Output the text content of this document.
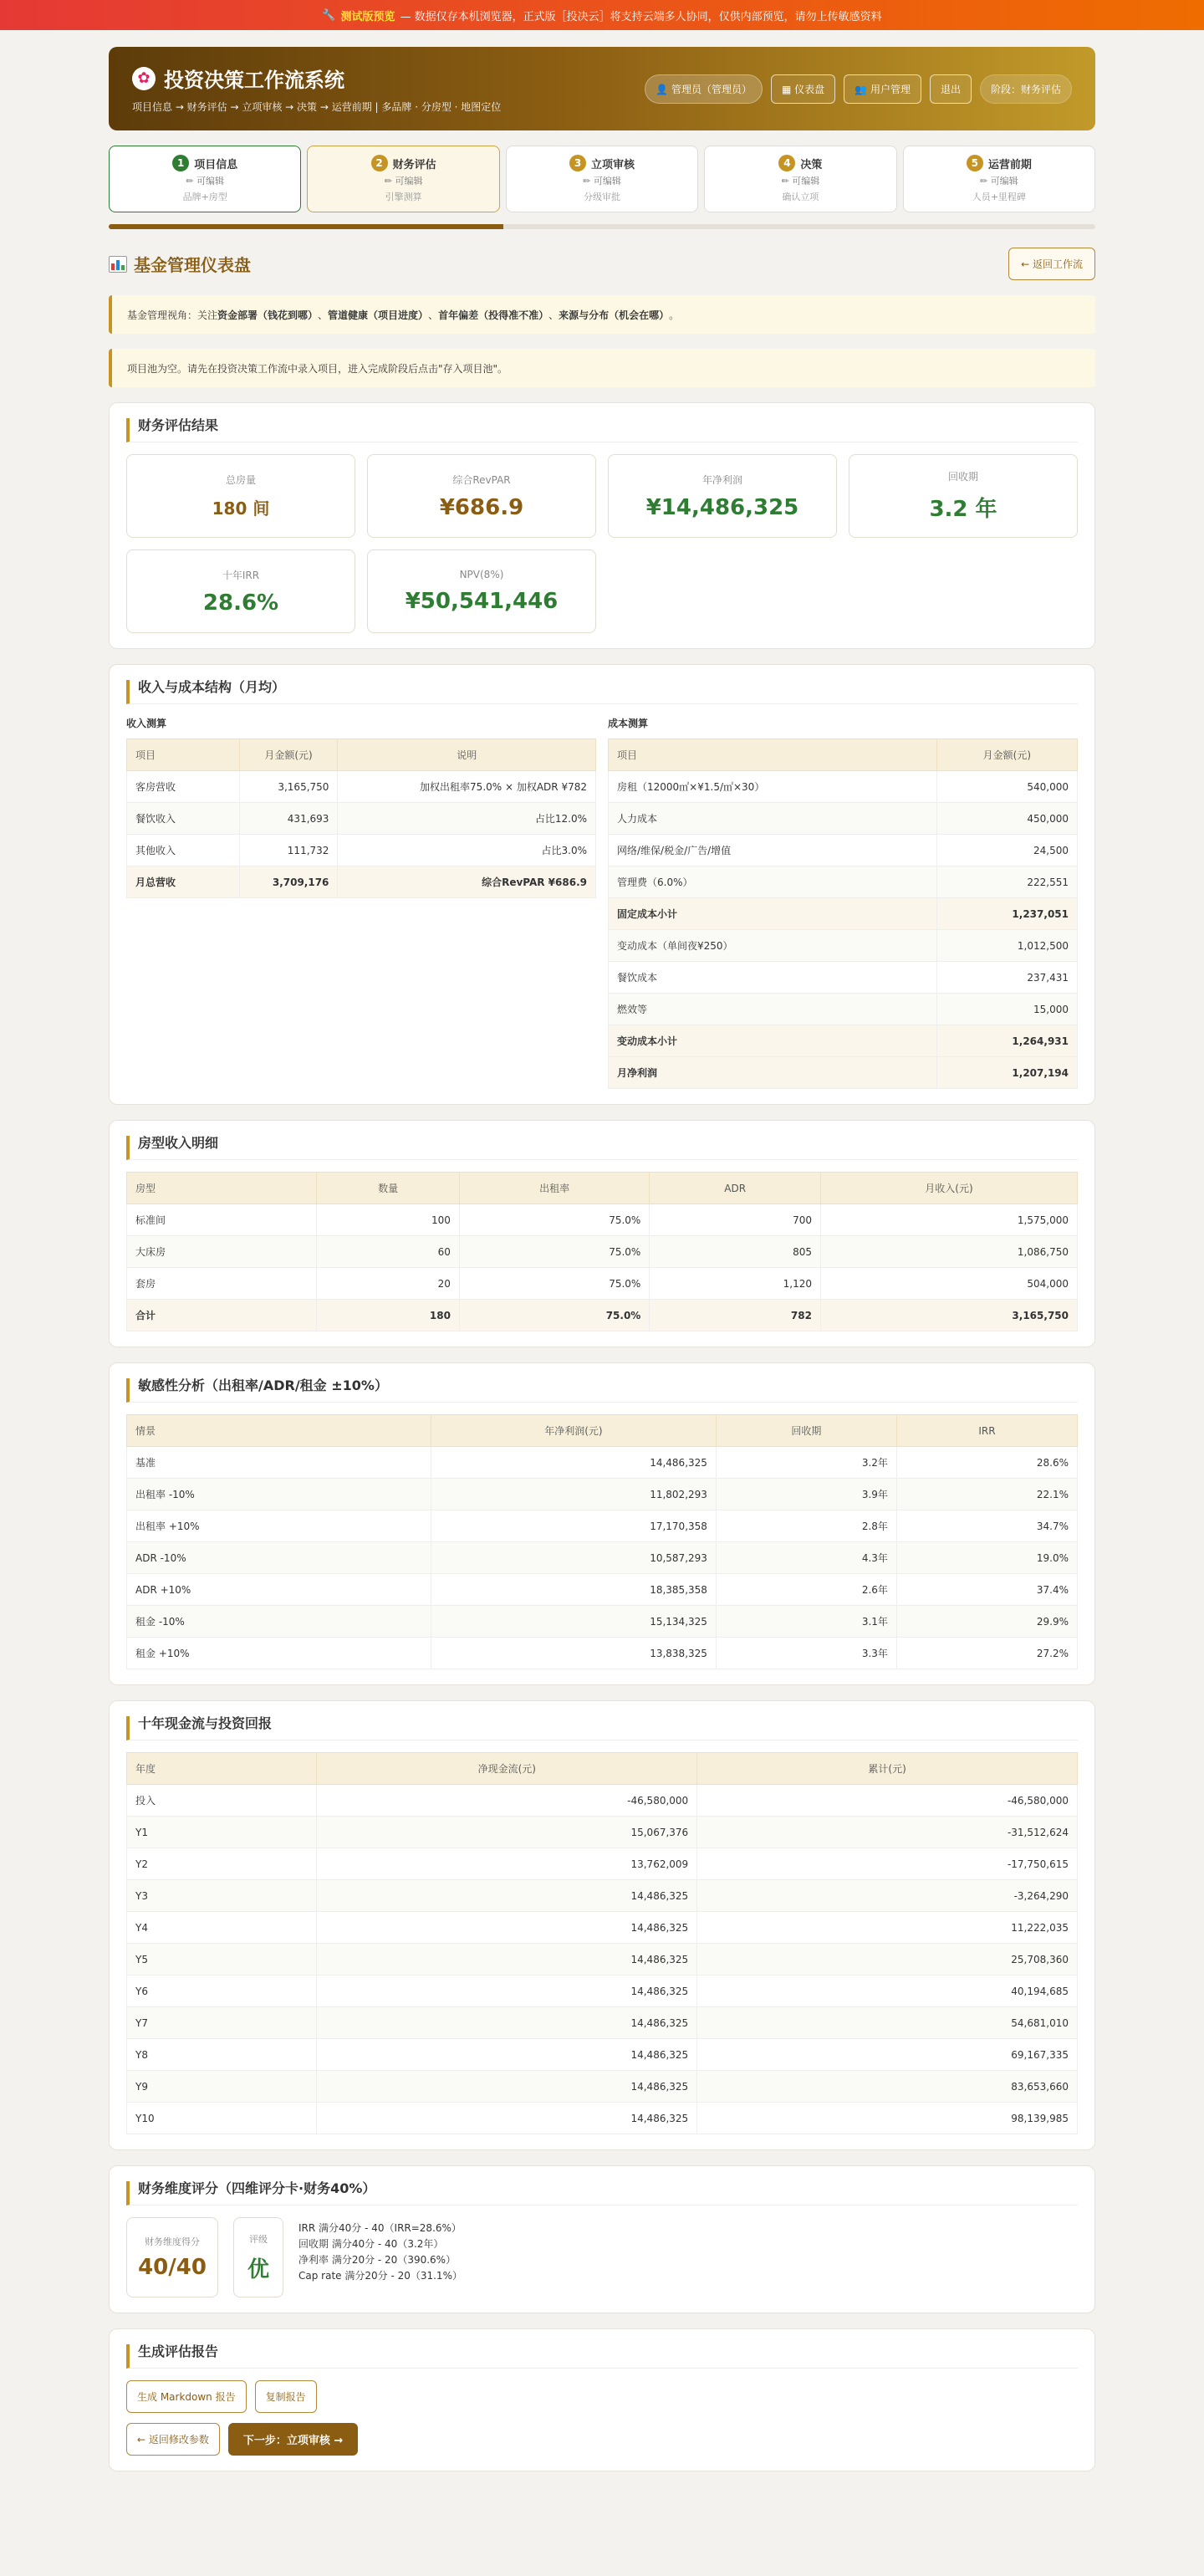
🔧 测试版预览 — 数据仅存本机浏览器，正式版［投决云］将支持云端多人协同，仅供内部预览，请勿上传敏感资料
✿ 投资决策工作流系统
项目信息 → 财务评估 → 立项审核 → 决策 → 运营前期 | 多品牌 · 分房型 · 地图定位
👤 管理员（管理员）	▦ 仪表盘	👥 用户管理	退出	阶段：财务评估
1 项目信息
✏ 可编辑
品牌+房型
2 财务评估
✏ 可编辑
引擎测算
3 立项审核
✏ 可编辑
分级审批
4 决策
✏ 可编辑
确认立项
5 运营前期
✏ 可编辑
人员+里程碑
基金管理仪表盘	← 返回工作流
基金管理视角：关注 资金部署（钱花到哪） 、 管道健康（项目进度） 、 首年偏差（投得准不准） 、 来源与分布（机会在哪） 。
项目池为空。请先在投资决策工作流中录入项目，进入完成阶段后点击"存入项目池"。
财务评估结果
总房量
180 间
综合RevPAR
¥686.9
年净利润
¥14,486,325
回收期
3.2 年
十年IRR
28.6%
NPV(8%)
¥50,541,446
收入与成本结构（月均）
收入测算
项目	月金额(元)	说明
客房营收	3,165,750	加权出租率75.0% × 加权ADR ¥782
餐饮收入	431,693	占比12.0%
其他收入	111,732	占比3.0%
月总营收	3,709,176	综合RevPAR ¥686.9
成本测算
项目	月金额(元)
房租（12000㎡×¥1.5/㎡×30）	540,000
人力成本	450,000
网络/维保/税金/广告/增值	24,500
管理费（6.0%）	222,551
固定成本小计	1,237,051
变动成本（单间夜¥250）	1,012,500
餐饮成本	237,431
燃效等	15,000
变动成本小计	1,264,931
月净利润	1,207,194
房型收入明细
房型	数量	出租率	ADR	月收入(元)
标准间	100	75.0%	700	1,575,000
大床房	60	75.0%	805	1,086,750
套房	20	75.0%	1,120	504,000
合计	180	75.0%	782	3,165,750
敏感性分析（出租率/ADR/租金 ±10%）
情景	年净利润(元)	回收期	IRR
基准	14,486,325	3.2年	28.6%
出租率 -10%	11,802,293	3.9年	22.1%
出租率 +10%	17,170,358	2.8年	34.7%
ADR -10%	10,587,293	4.3年	19.0%
ADR +10%	18,385,358	2.6年	37.4%
租金 -10%	15,134,325	3.1年	29.9%
租金 +10%	13,838,325	3.3年	27.2%
十年现金流与投资回报
年度	净现金流(元)	累计(元)
投入	-46,580,000	-46,580,000
Y1	15,067,376	-31,512,624
Y2	13,762,009	-17,750,615
Y3	14,486,325	-3,264,290
Y4	14,486,325	11,222,035
Y5	14,486,325	25,708,360
Y6	14,486,325	40,194,685
Y7	14,486,325	54,681,010
Y8	14,486,325	69,167,335
Y9	14,486,325	83,653,660
Y10	14,486,325	98,139,985
财务维度评分（四维评分卡·财务40%）
财务维度得分
40/40
评级
优
IRR 满分40分 - 40（IRR=28.6%）
回收期 满分40分 - 40（3.2年）
净利率 满分20分 - 20（390.6%）
Cap rate 满分20分 - 20（31.1%）
生成评估报告
生成 Markdown 报告	复制报告
← 返回修改参数	下一步：立项审核 →
